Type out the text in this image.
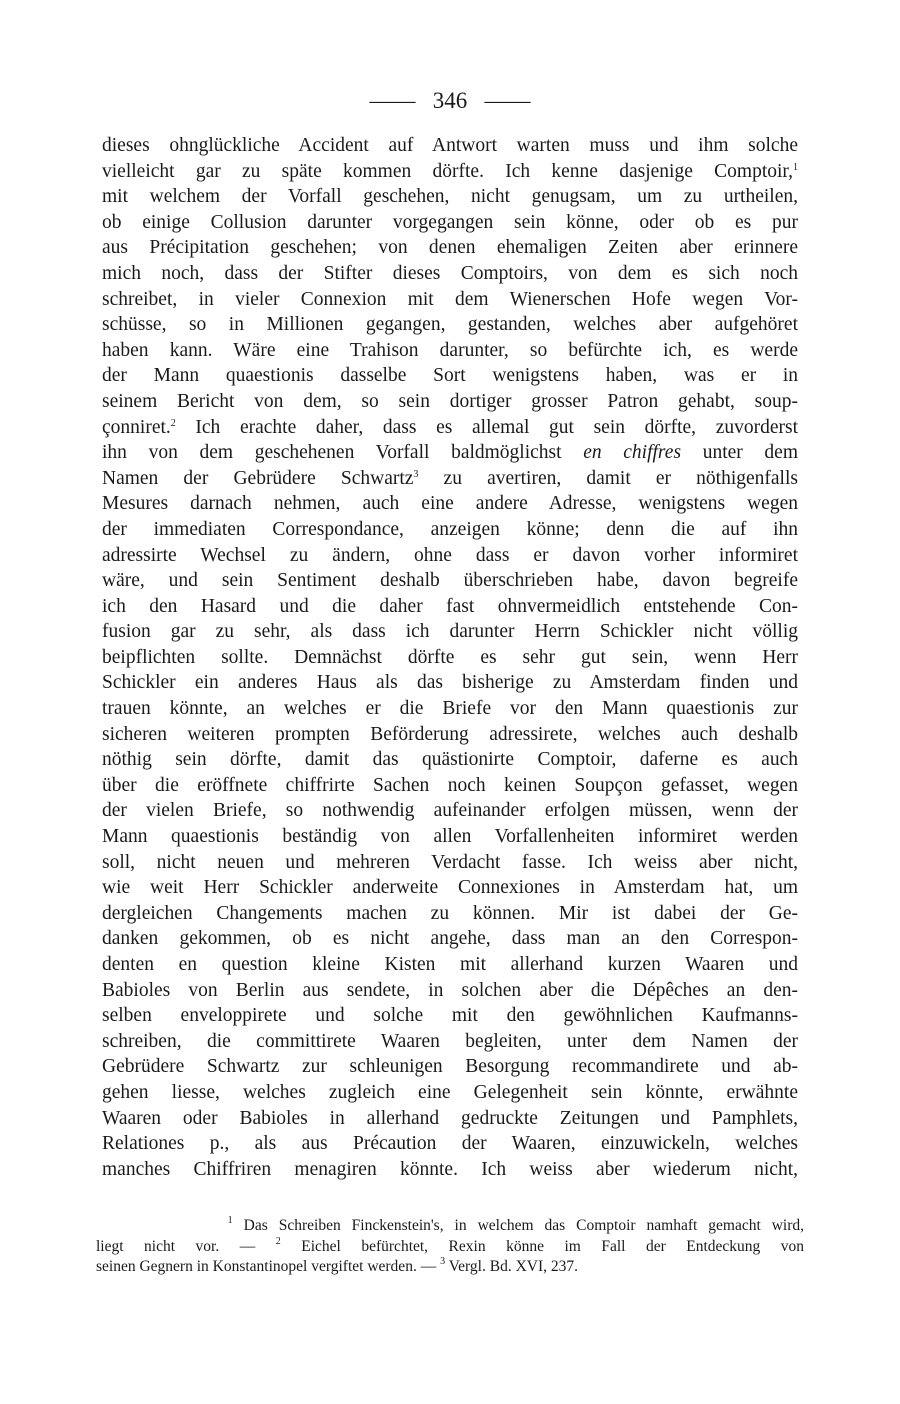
—— 346 ——
dieses ohnglückliche Accident auf Antwort warten muss und ihm solche
vielleicht gar zu späte kommen dörfte. Ich kenne dasjenige Comptoir,$^1$
mit welchem der Vorfall geschehen, nicht genugsam, um zu urtheilen,
ob einige Collusion darunter vorgegangen sein könne, oder ob es pur
aus Précipitation geschehen; von denen ehemaligen Zeiten aber erinnere
mich noch, dass der Stifter dieses Comptoirs, von dem es sich noch
schreibet, in vieler Connexion mit dem Wienerschen Hofe wegen Vor-
schüsse, so in Millionen gegangen, gestanden, welches aber aufgehöret
haben kann. Wäre eine Trahison darunter, so befürchte ich, es werde
der Mann quaestionis dasselbe Sort wenigstens haben, was er in
seinem Bericht von dem, so sein dortiger grosser Patron gehabt, soup-
çonniret.$^2$ Ich erachte daher, dass es allemal gut sein dörfte, zuvorderst
ihn von dem geschehenen Vorfall baldmöglichst en chiffres unter dem
Namen der Gebrüdere Schwartz$^3$ zu avertiren, damit er nöthigenfalls
Mesures darnach nehmen, auch eine andere Adresse, wenigstens wegen
der immediaten Correspondance, anzeigen könne; denn die auf ihn
adressirte Wechsel zu ändern, ohne dass er davon vorher informiret
wäre, und sein Sentiment deshalb überschrieben habe, davon begreife
ich den Hasard und die daher fast ohnvermeidlich entstehende Con-
fusion gar zu sehr, als dass ich darunter Herrn Schickler nicht völlig
beipflichten sollte. Demnächst dörfte es sehr gut sein, wenn Herr
Schickler ein anderes Haus als das bisherige zu Amsterdam finden und
trauen könnte, an welches er die Briefe vor den Mann quaestionis zur
sicheren weiteren prompten Beförderung adressirete, welches auch deshalb
nöthig sein dörfte, damit das quästionirte Comptoir, daferne es auch
über die eröffnete chiffrirte Sachen noch keinen Soupçon gefasset, wegen
der vielen Briefe, so nothwendig aufeinander erfolgen müssen, wenn der
Mann quaestionis beständig von allen Vorfallenheiten informiret werden
soll, nicht neuen und mehreren Verdacht fasse. Ich weiss aber nicht,
wie weit Herr Schickler anderweite Connexiones in Amsterdam hat, um
dergleichen Changements machen zu können. Mir ist dabei der Ge-
danken gekommen, ob es nicht angehe, dass man an den Correspon-
denten en question kleine Kisten mit allerhand kurzen Waaren und
Babioles von Berlin aus sendete, in solchen aber die Dépêches an den-
selben enveloppirete und solche mit den gewöhnlichen Kaufmanns-
schreiben, die committirete Waaren begleiten, unter dem Namen der
Gebrüdere Schwartz zur schleunigen Besorgung recommandirete und ab-
gehen liesse, welches zugleich eine Gelegenheit sein könnte, erwähnte
Waaren oder Babioles in allerhand gedruckte Zeitungen und Pamphlets,
Relationes p., als aus Précaution der Waaren, einzuwickeln, welches
manches Chiffriren menagiren könnte. Ich weiss aber wiederum nicht,
$^1$ Das Schreiben Finckenstein's, in welchem das Comptoir namhaft gemacht wird,
liegt nicht vor. — $^2$ Eichel befürchtet, Rexin könne im Fall der Entdeckung von
seinen Gegnern in Konstantinopel vergiftet werden. — $^3$ Vergl. Bd. XVI, 237.
